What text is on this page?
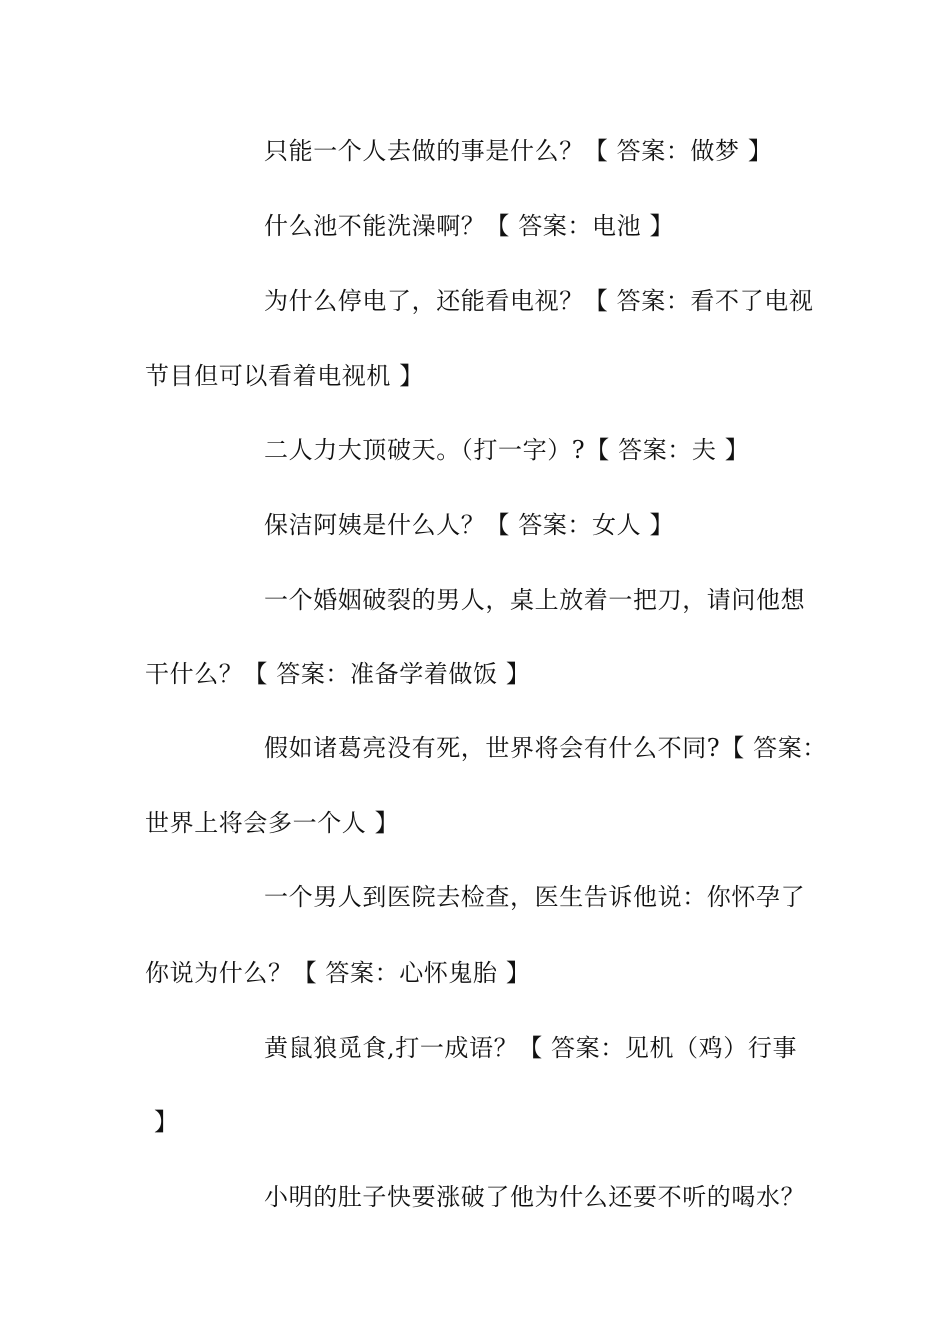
只能一个人去做的事是什么？【 答案：做梦 】
什么池不能洗澡啊？【 答案：电池 】
为什么停电了，还能看电视？【 答案：看不了电视
节目但可以看着电视机 】
二人力大顶破天。（打一字）?【 答案：夫 】
保洁阿姨是什么人？【 答案：女人 】
一个婚姻破裂的男人，桌上放着一把刀，请问他想
干什么？【 答案：准备学着做饭 】
假如诸葛亮没有死，世界将会有什么不同?【 答案：
世界上将会多一个人 】
一个男人到医院去检查，医生告诉他说：你怀孕了
你说为什么？【 答案：心怀鬼胎 】
黄鼠狼觅食,打一成语？【 答案：见机（鸡）行事
】
小明的肚子快要涨破了他为什么还要不听的喝水？
